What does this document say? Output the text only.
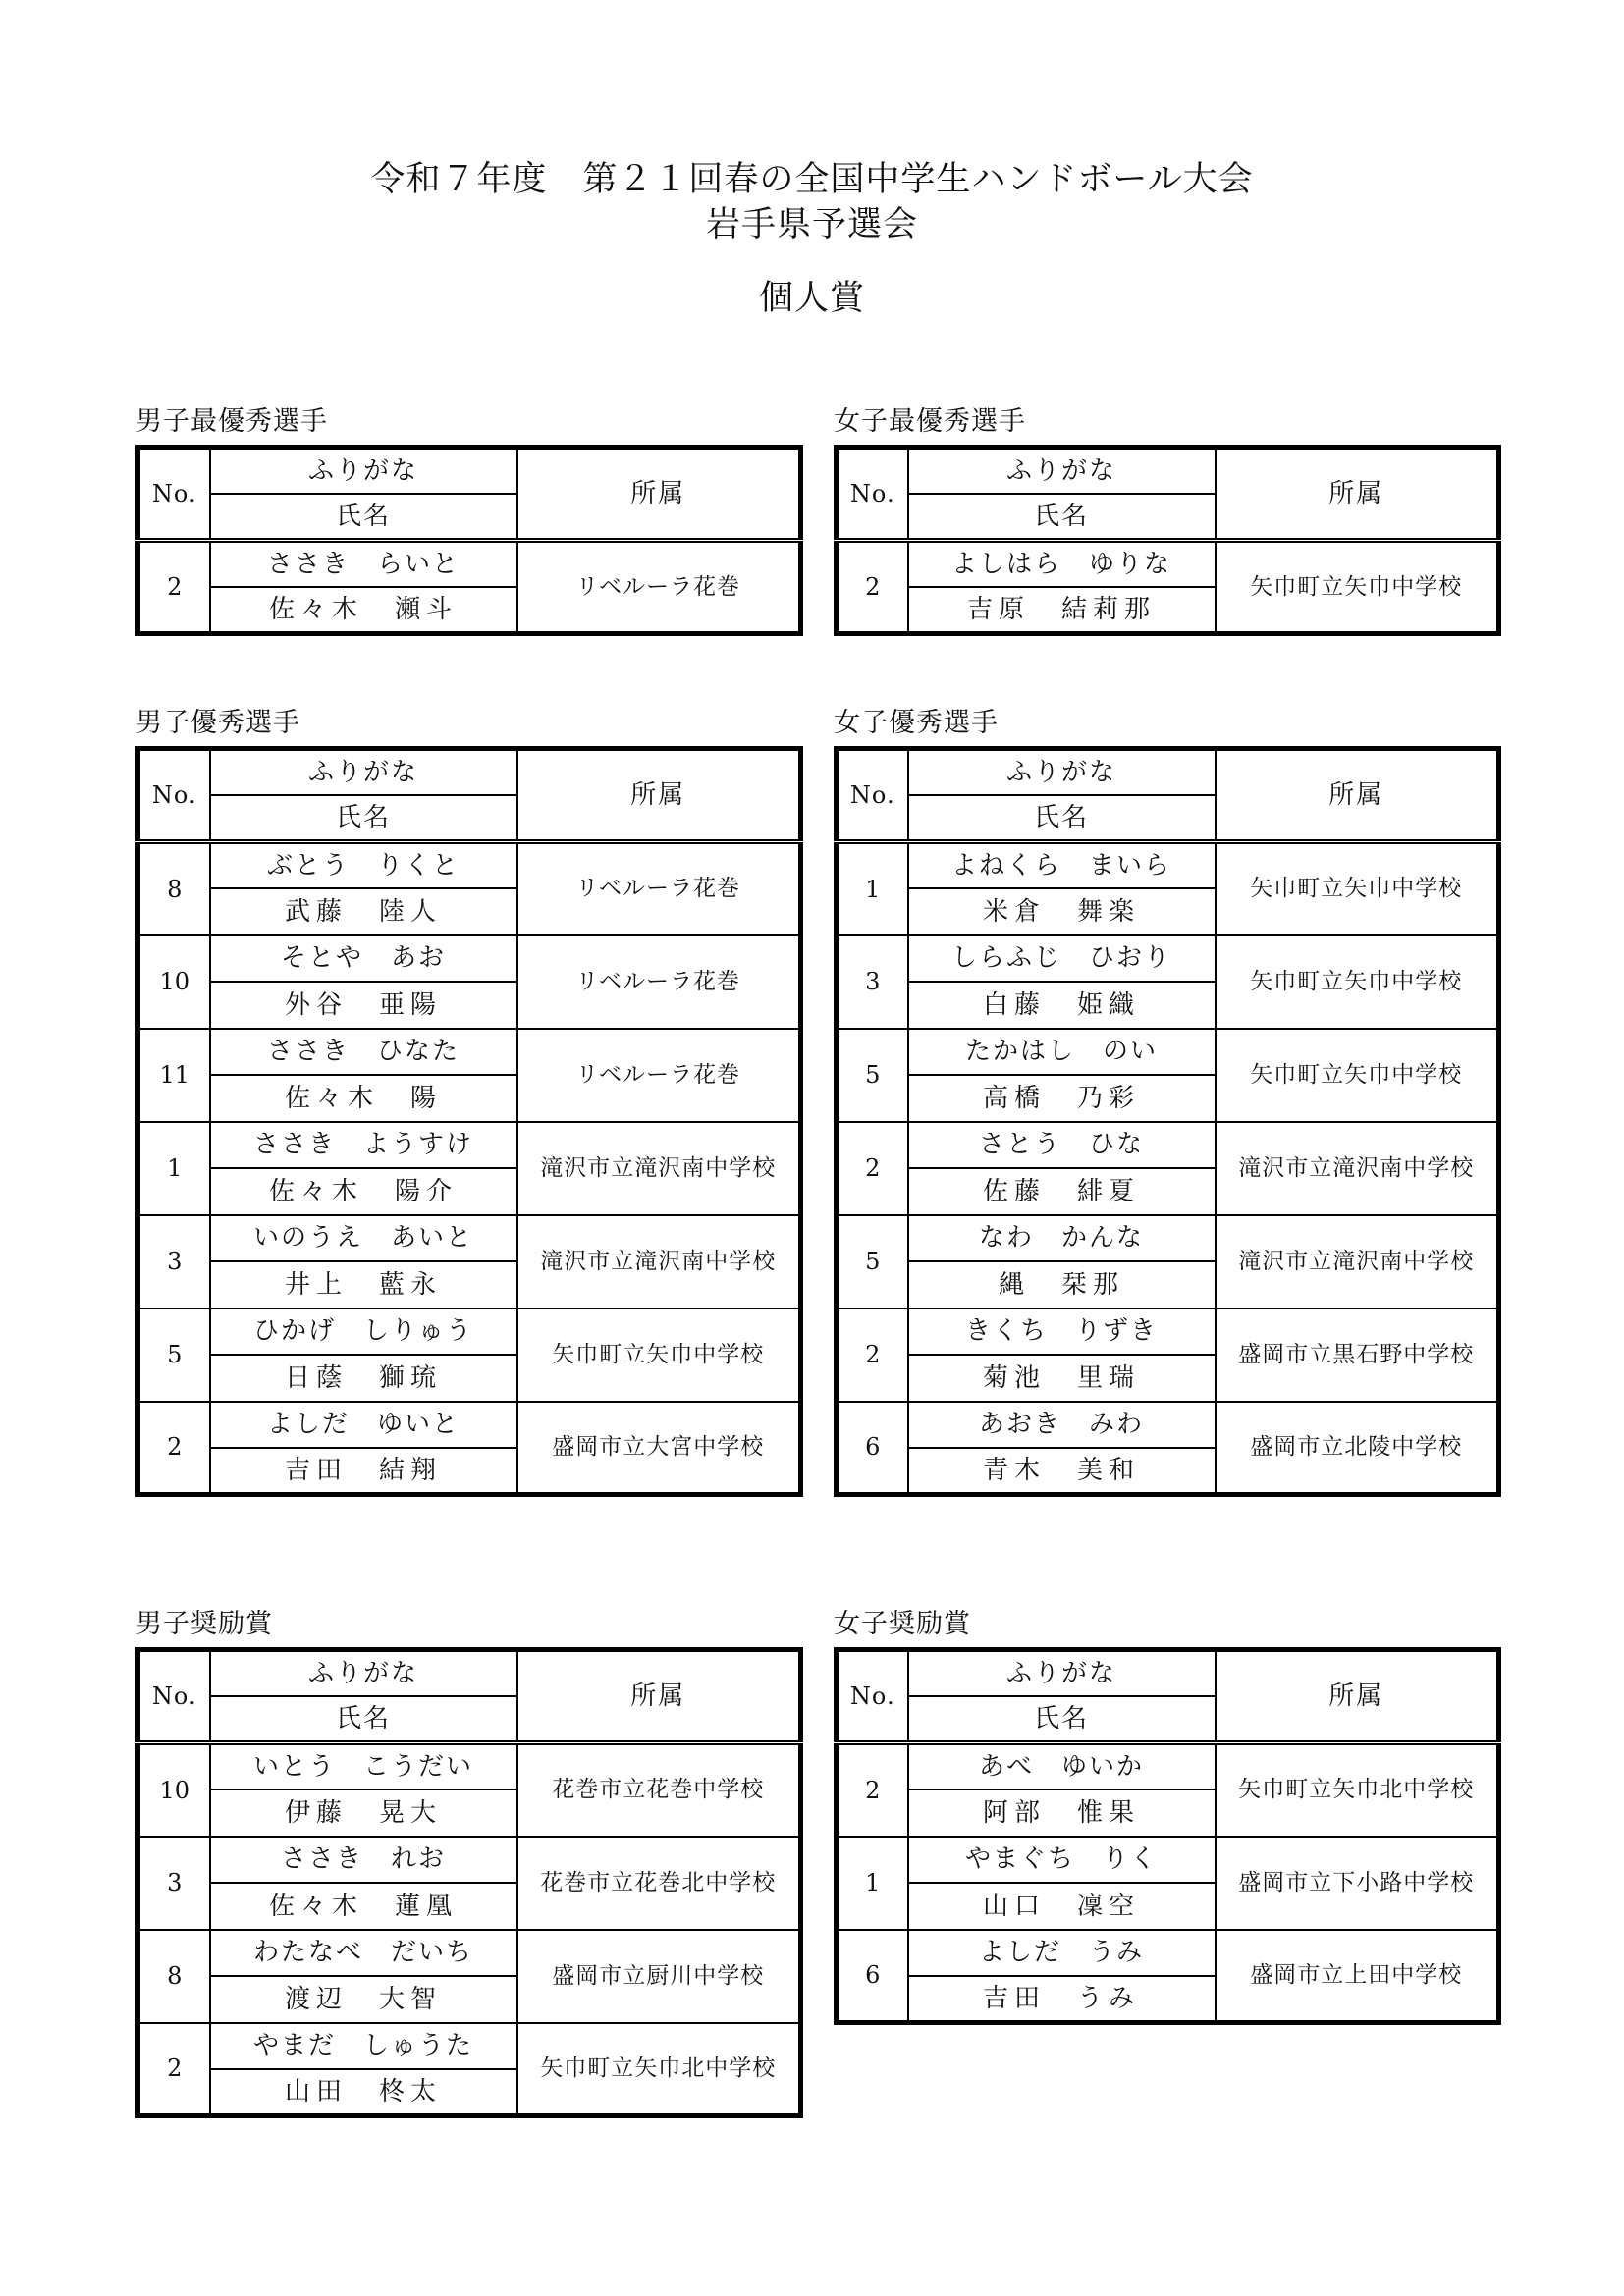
令和７年度　第２１回春の全国中学生ハンドボール大会
岩手県予選会
個人賞
男子最優秀選手
No.	ふりがな	所属
	氏名	
2	ささき　らいと	リベルーラ花巻
	佐々木　瀬斗	
女子最優秀選手
No.	ふりがな	所属
	氏名	
2	よしはら　ゆりな	矢巾町立矢巾中学校
	吉原　結莉那	
男子優秀選手
No.	ふりがな	所属
	氏名	
8	ぶとう　りくと	リベルーラ花巻
	武藤　陸人	
10	そとや　あお	リベルーラ花巻
	外谷　亜陽	
11	ささき　ひなた	リベルーラ花巻
	佐々木　陽	
1	ささき　ようすけ	滝沢市立滝沢南中学校
	佐々木　陽介	
3	いのうえ　あいと	滝沢市立滝沢南中学校
	井上　藍永	
5	ひかげ　しりゅう	矢巾町立矢巾中学校
	日蔭　獅琉	
2	よしだ　ゆいと	盛岡市立大宮中学校
	吉田　結翔	
女子優秀選手
No.	ふりがな	所属
	氏名	
1	よねくら　まいら	矢巾町立矢巾中学校
	米倉　舞楽	
3	しらふじ　ひおり	矢巾町立矢巾中学校
	白藤　姫織	
5	たかはし　のい	矢巾町立矢巾中学校
	高橋　乃彩	
2	さとう　ひな	滝沢市立滝沢南中学校
	佐藤　緋夏	
5	なわ　かんな	滝沢市立滝沢南中学校
	縄　栞那	
2	きくち　りずき	盛岡市立黒石野中学校
	菊池　里瑞	
6	あおき　みわ	盛岡市立北陵中学校
	青木　美和	
男子奨励賞
No.	ふりがな	所属
	氏名	
10	いとう　こうだい	花巻市立花巻中学校
	伊藤　晃大	
3	ささき　れお	花巻市立花巻北中学校
	佐々木　蓮凰	
8	わたなべ　だいち	盛岡市立厨川中学校
	渡辺　大智	
2	やまだ　しゅうた	矢巾町立矢巾北中学校
	山田　柊太	
女子奨励賞
No.	ふりがな	所属
	氏名	
2	あべ　ゆいか	矢巾町立矢巾北中学校
	阿部　惟果	
1	やまぐち　りく	盛岡市立下小路中学校
	山口　凜空	
6	よしだ　うみ	盛岡市立上田中学校
	吉田　うみ	
